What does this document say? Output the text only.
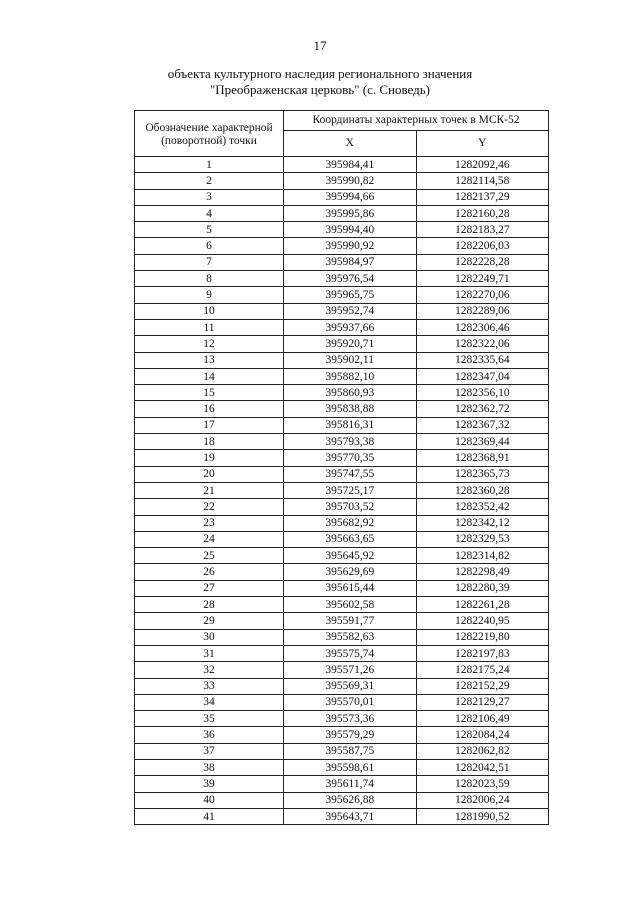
17
объекта культурного наследия регионального значения
"Преображенская церковь" (с. Сноведь)
Обозначение характерной (поворотной) точки	Координаты характерных точек в МСК-52	
	X	Y
1	395984,41	1282092,46
2	395990,82	1282114,58
3	395994,66	1282137,29
4	395995,86	1282160,28
5	395994,40	1282183,27
6	395990,92	1282206,03
7	395984,97	1282228,28
8	395976,54	1282249,71
9	395965,75	1282270,06
10	395952,74	1282289,06
11	395937,66	1282306,46
12	395920,71	1282322,06
13	395902,11	1282335,64
14	395882,10	1282347,04
15	395860,93	1282356,10
16	395838,88	1282362,72
17	395816,31	1282367,32
18	395793,38	1282369,44
19	395770,35	1282368,91
20	395747,55	1282365,73
21	395725,17	1282360,28
22	395703,52	1282352,42
23	395682,92	1282342,12
24	395663,65	1282329,53
25	395645,92	1282314,82
26	395629,69	1282298,49
27	395615,44	1282280,39
28	395602,58	1282261,28
29	395591,77	1282240,95
30	395582,63	1282219,80
31	395575,74	1282197,83
32	395571,26	1282175,24
33	395569,31	1282152,29
34	395570,01	1282129,27
35	395573,36	1282106,49
36	395579,29	1282084,24
37	395587,75	1282062,82
38	395598,61	1282042,51
39	395611,74	1282023,59
40	395626,88	1282006,24
41	395643,71	1281990,52
